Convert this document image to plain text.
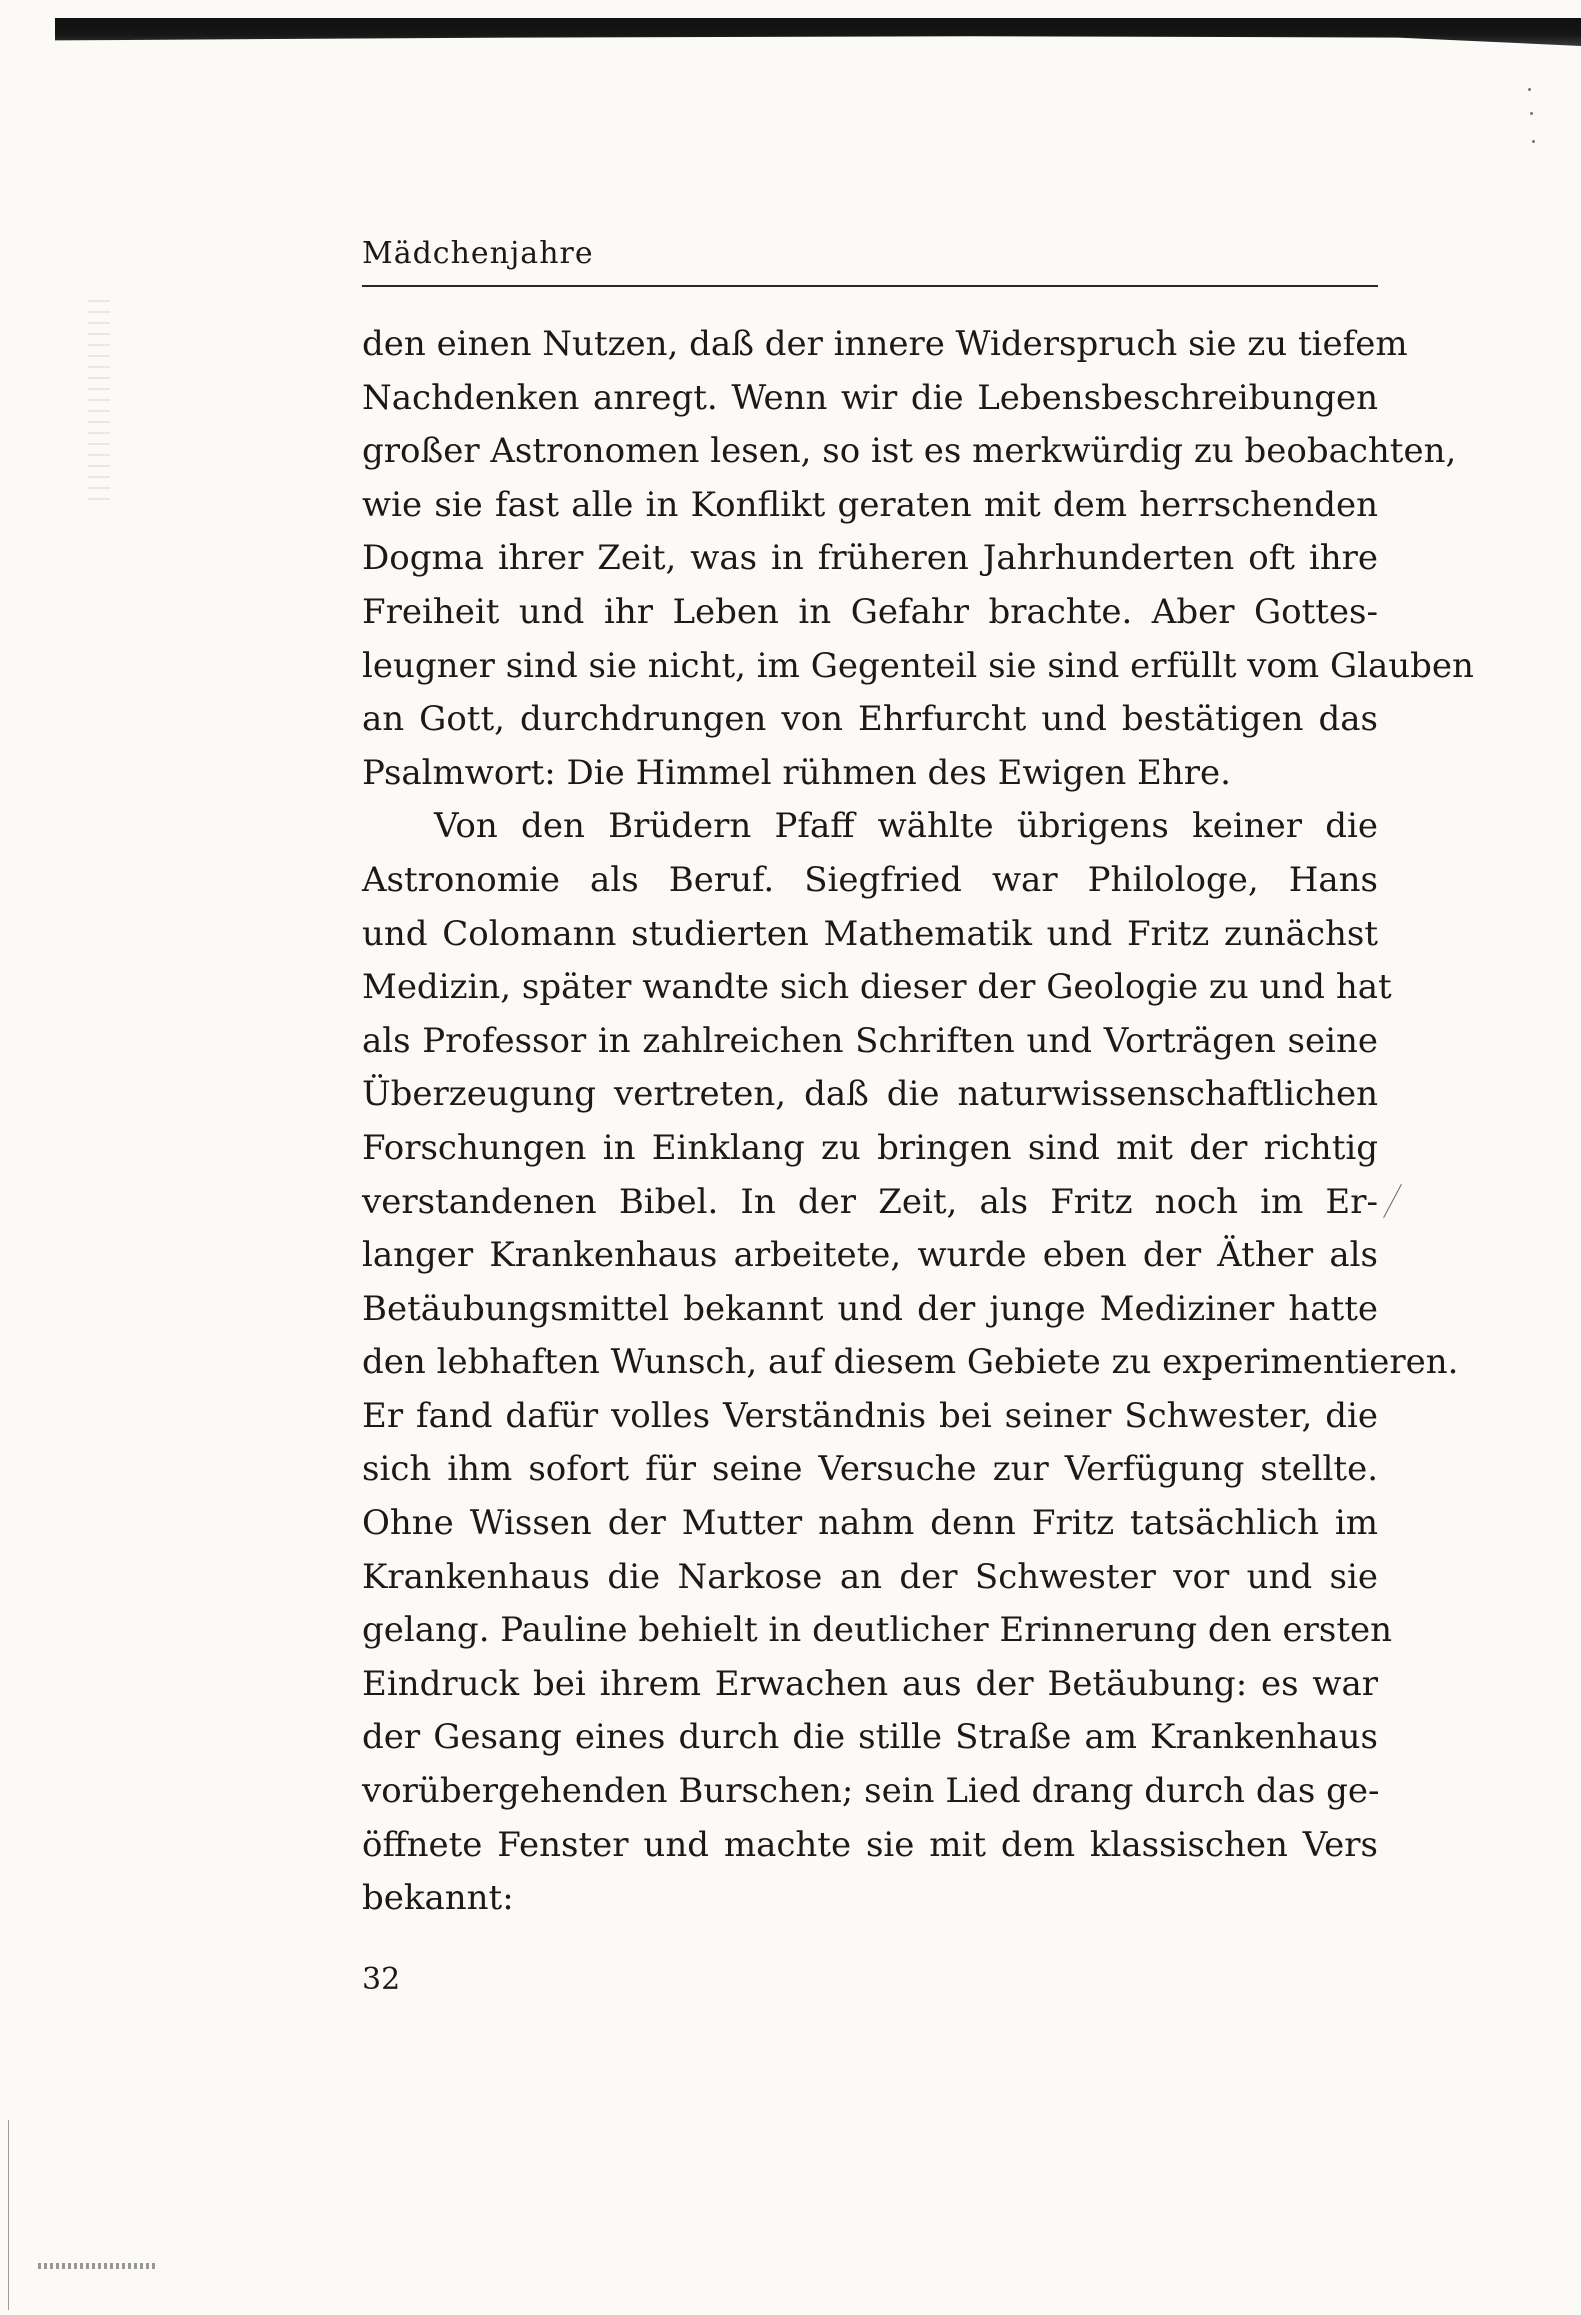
Mädchenjahre
den einen Nutzen, daß der innere Widerspruch sie zu tiefem
Nachdenken anregt. Wenn wir die Lebensbeschreibungen
großer Astronomen lesen, so ist es merkwürdig zu beobachten,
wie sie fast alle in Konflikt geraten mit dem herrschenden
Dogma ihrer Zeit, was in früheren Jahrhunderten oft ihre
Freiheit und ihr Leben in Gefahr brachte. Aber Gottes-
leugner sind sie nicht, im Gegenteil sie sind erfüllt vom Glauben
an Gott, durchdrungen von Ehrfurcht und bestätigen das
Psalmwort: Die Himmel rühmen des Ewigen Ehre.
Von den Brüdern Pfaff wählte übrigens keiner die
Astronomie als Beruf. Siegfried war Philologe, Hans
und Colomann studierten Mathematik und Fritz zunächst
Medizin, später wandte sich dieser der Geologie zu und hat
als Professor in zahlreichen Schriften und Vorträgen seine
Überzeugung vertreten, daß die naturwissenschaftlichen
Forschungen in Einklang zu bringen sind mit der richtig
verstandenen Bibel. In der Zeit, als Fritz noch im Er-
langer Krankenhaus arbeitete, wurde eben der Äther als
Betäubungsmittel bekannt und der junge Mediziner hatte
den lebhaften Wunsch, auf diesem Gebiete zu experimentieren.
Er fand dafür volles Verständnis bei seiner Schwester, die
sich ihm sofort für seine Versuche zur Verfügung stellte.
Ohne Wissen der Mutter nahm denn Fritz tatsächlich im
Krankenhaus die Narkose an der Schwester vor und sie
gelang. Pauline behielt in deutlicher Erinnerung den ersten
Eindruck bei ihrem Erwachen aus der Betäubung: es war
der Gesang eines durch die stille Straße am Krankenhaus
vorübergehenden Burschen; sein Lied drang durch das ge-
öffnete Fenster und machte sie mit dem klassischen Vers
bekannt:
32
